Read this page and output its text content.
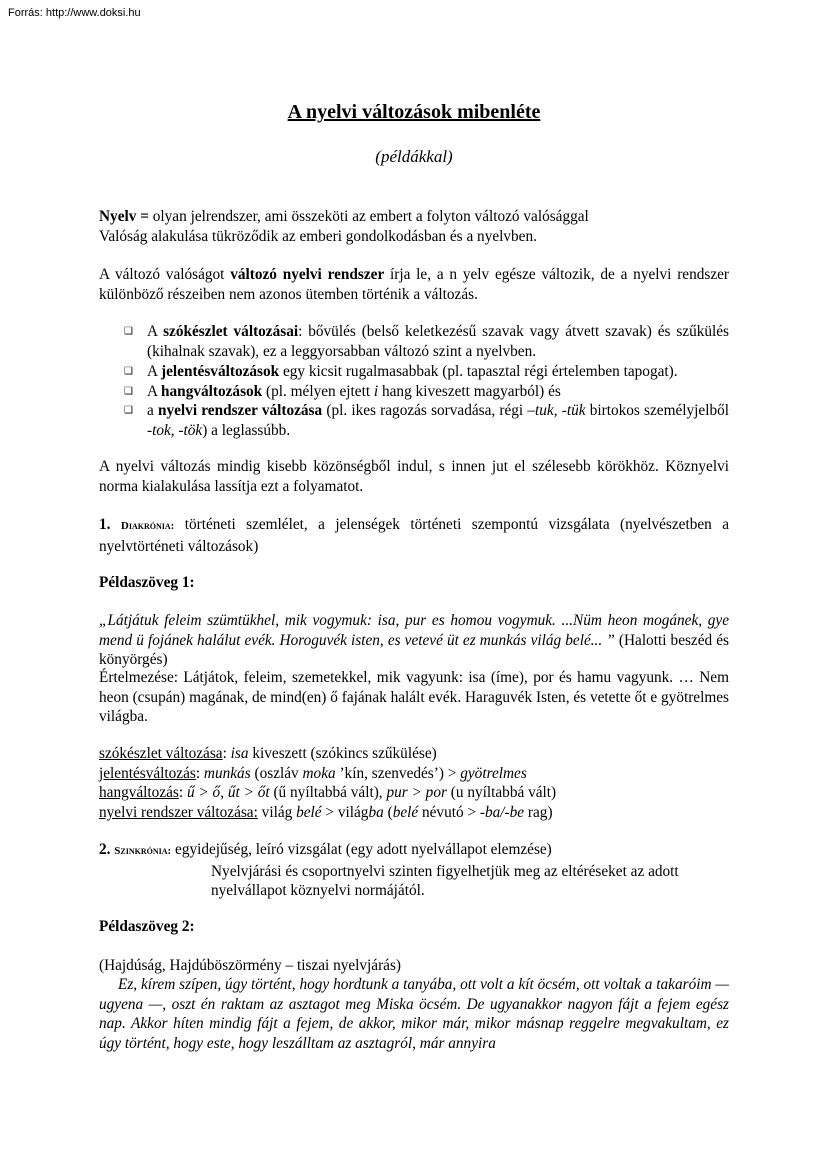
Forrás: http://www.doksi.hu
A nyelvi változások mibenléte
(példákkal)
Nyelv = olyan jelrendszer, ami összeköti az embert a folyton változó valósággal
Valóság alakulása tükröződik az emberi gondolkodásban és a nyelvben.
A változó valóságot változó nyelvi rendszer írja le, a n yelv egésze változik, de a nyelvi rendszer különböző részeiben nem azonos ütemben történik a változás.
❑ A szókészlet változásai: bővülés (belső keletkezésű szavak vagy átvett szavak) és szűkülés (kihalnak szavak), ez a leggyorsabban változó szint a nyelvben.
❑ A jelentésváltozások egy kicsit rugalmasabbak (pl. tapasztal régi értelemben tapogat).
❑ A hangváltozások (pl. mélyen ejtett i hang kiveszett magyarból) és
❑ a nyelvi rendszer változása (pl. ikes ragozás sorvadása, régi –tuk, -tük birtokos személyjelből -tok, -tök) a leglassúbb.
A nyelvi változás mindig kisebb közönségből indul, s innen jut el szélesebb körökhöz. Köznyelvi norma kialakulása lassítja ezt a folyamatot.
1. Diakrónia: történeti szemlélet, a jelenségek történeti szempontú vizsgálata (nyelvészetben a nyelvtörténeti változások)
Példaszöveg 1:
„Látjátuk feleim szümtükhel, mik vogymuk: isa, pur es homou vogymuk. ...Nüm heon mogánek, gye mend ü fojánek halálut evék. Horoguvék isten, es vetevé üt ez munkás világ belé... ” (Halotti beszéd és könyörgés)
Értelmezése: Látjátok, feleim, szemetekkel, mik vagyunk: isa (íme), por és hamu vagyunk. … Nem heon (csupán) magának, de mind(en) ő fajának halált evék. Haraguvék Isten, és vetette őt e gyötrelmes világba.
szókészlet változása: isa kiveszett (szókincs szűkülése)
jelentésváltozás: munkás (oszláv moka ’kín, szenvedés’) > gyötrelmes
hangváltozás: ű > ő, űt > őt (ű nyíltabbá vált), pur > por (u nyíltabbá vált)
nyelvi rendszer változása: világ belé > világba (belé névutó > -ba/-be rag)
2. Szinkrónia: egyidejűség, leíró vizsgálat (egy adott nyelvállapot elemzése)
Nyelvjárási és csoportnyelvi szinten figyelhetjük meg az eltéréseket az adott
nyelvállapot köznyelvi normájától.
Példaszöveg 2:
(Hajdúság, Hajdúböszörmény – tiszai nyelvjárás)
Ez, kírem szípen, úgy történt, hogy hordtunk a tanyába, ott volt a kít öcsém, ott voltak a takaróim — ugyena —, oszt én raktam az asztagot meg Miska öcsém. De ugyanakkor nagyon fájt a fejem egész nap. Akkor híten mindig fájt a fejem, de akkor, mikor már, mikor másnap reggelre megvakultam, ez úgy történt, hogy este, hogy leszálltam az asztagról, már annyira
